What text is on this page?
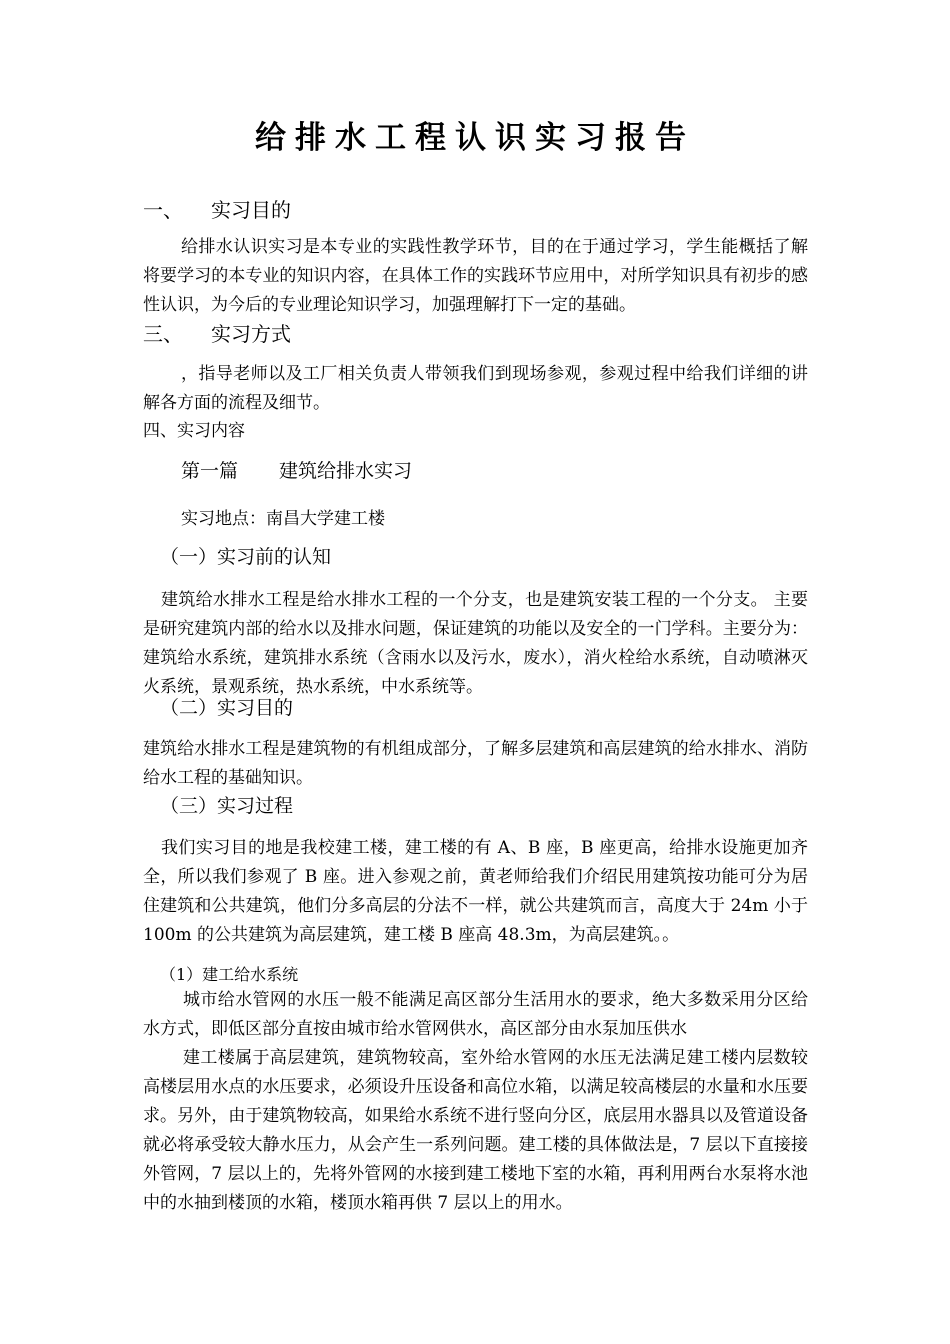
给排水工程认识实习报告
一、 实习目的
给排水认识实习是本专业的实践性教学环节，目的在于通过学习，学生能概括了解将要学习的本专业的知识内容，在具体工作的实践环节应用中，对所学知识具有初步的感性认识，为今后的专业理论知识学习，加强理解打下一定的基础。
三、 实习方式
，指导老师以及工厂相关负责人带领我们到现场参观，参观过程中给我们详细的讲解各方面的流程及细节。
四、实习内容
第一篇 建筑给排水实习
实习地点：南昌大学建工楼
（一）实习前的认知
建筑给水排水工程是给水排水工程的一个分支，也是建筑安装工程的一个分支。 主要是研究建筑内部的给水以及排水问题，保证建筑的功能以及安全的一门学科。主要分为：建筑给水系统，建筑排水系统（含雨水以及污水，废水），消火栓给水系统，自动喷淋灭火系统，景观系统，热水系统，中水系统等。
（二）实习目的
建筑给水排水工程是建筑物的有机组成部分，了解多层建筑和高层建筑的给水排水、消防给水工程的基础知识。
（三）实习过程
我们实习目的地是我校建工楼，建工楼的有 A、B 座，B 座更高，给排水设施更加齐全，所以我们参观了 B 座。进入参观之前，黄老师给我们介绍民用建筑按功能可分为居住建筑和公共建筑，他们分多高层的分法不一样，就公共建筑而言，高度大于 24m 小于 100m 的公共建筑为高层建筑，建工楼 B 座高 48.3m，为高层建筑。。
（1）建工给水系统
城市给水管网的水压一般不能满足高区部分生活用水的要求，绝大多数采用分区给水方式，即低区部分直按由城市给水管网供水，高区部分由水泵加压供水
建工楼属于高层建筑，建筑物较高，室外给水管网的水压无法满足建工楼内层数较高楼层用水点的水压要求，必须设升压设备和高位水箱，以满足较高楼层的水量和水压要求。另外，由于建筑物较高，如果给水系统不进行竖向分区，底层用水器具以及管道设备就必将承受较大静水压力，从会产生一系列问题。建工楼的具体做法是，7 层以下直接接外管网，7 层以上的，先将外管网的水接到建工楼地下室的水箱，再利用两台水泵将水池中的水抽到楼顶的水箱，楼顶水箱再供 7 层以上的用水。
